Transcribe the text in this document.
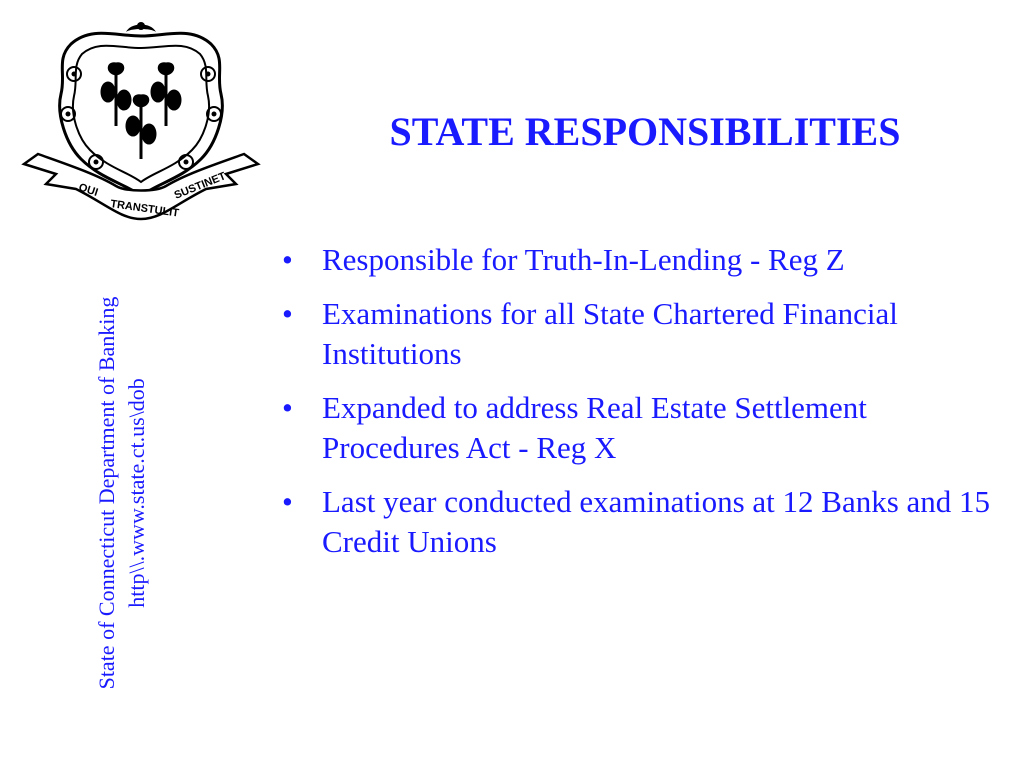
QUI
TRANSTULIT
SUSTINET
STATE RESPONSIBILITIES
State of Connecticut Department of Banking http\\.www.state.ct.us\dob
• Responsible for Truth-In-Lending - Reg Z
• Examinations for all State Chartered Financial Institutions
• Expanded to address Real Estate Settlement Procedures Act - Reg X
• Last year conducted examinations at 12 Banks and 15 Credit Unions
